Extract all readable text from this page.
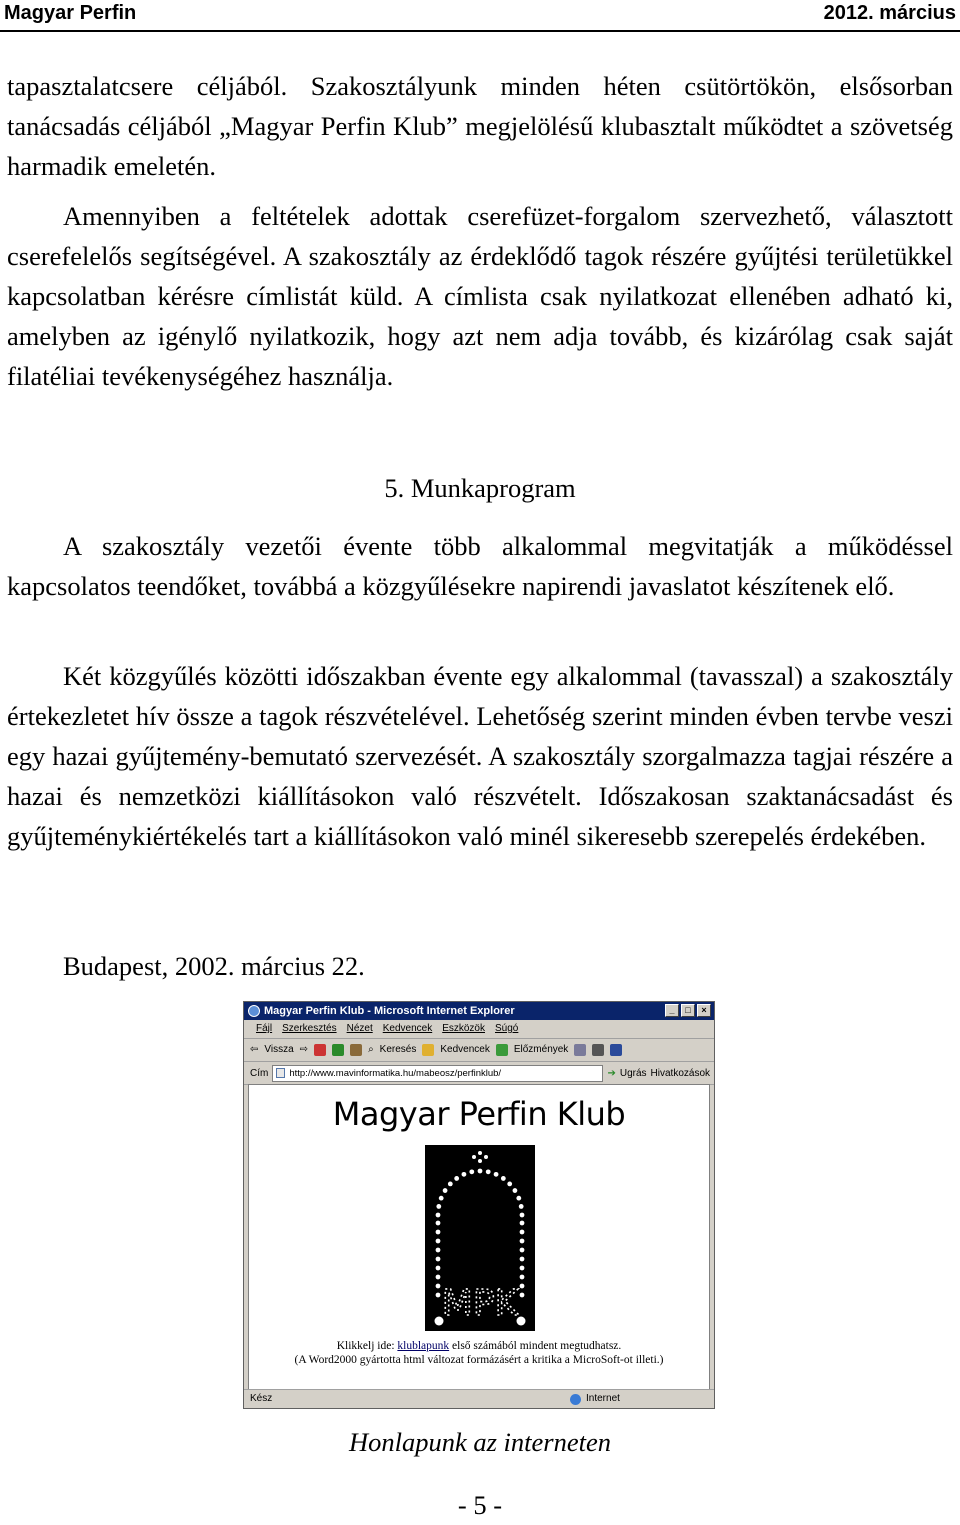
Magyar Perfin	2012. március

tapasztalatcsere céljából. Szakosztályunk minden héten csütörtökön, elsősorban tanácsadás céljából „Magyar Perfin Klub” megjelölésű klubasztalt működtet a szövetség harmadik emeletén.

Amennyiben a feltételek adottak cserefüzet-forgalom szervezhető, választott cserefelelős segítségével. A szakosztály az érdeklődő tagok részére gyűjtési területükkel kapcsolatban kérésre címlistát küld. A címlista csak nyilatkozat ellenében adható ki, amelyben az igénylő nyilatkozik, hogy azt nem adja tovább, és kizárólag csak saját filatéliai tevékenységéhez használja.

5. Munkaprogram

A szakosztály vezetői évente több alkalommal megvitatják a működéssel kapcsolatos teendőket, továbbá a közgyűlésekre napirendi javaslatot készítenek elő.

Két közgyűlés közötti időszakban évente egy alkalommal (tavasszal) a szakosztály értekezletet hív össze a tagok részvételével. Lehetőség szerint minden évben tervbe veszi egy hazai gyűjtemény-bemutató szervezését. A szakosztály szorgalmazza tagjai részére a hazai és nemzetközi kiállításokon való részvételt. Időszakosan szaktanácsadást és gyűjteménykiértékelés tart a kiállításokon való minél sikeresebb szerepelés érdekében.

Budapest, 2002. március 22.
Magyar Perfin Klub - Microsoft Internet Explorer	_	□	×
Fájl Szerkesztés Nézet Kedvencek Eszközök Súgó
⇦ Vissza ⇨	⌕ Keresés Kedvencek Előzmények
Cím	http://www.mavinformatika.hu/mabeosz/perfinklub/	➔ Ugrás Hivatkozások
Magyar Perfin Klub
MPK
Klikkelj ide: klublapunk első számából mindent megtudhatsz.
(A Word2000 gyártotta html változat formázásért a kritika a MicroSoft-ot illeti.)
Kész	Internet
Honlapunk az interneten
- 5 -
